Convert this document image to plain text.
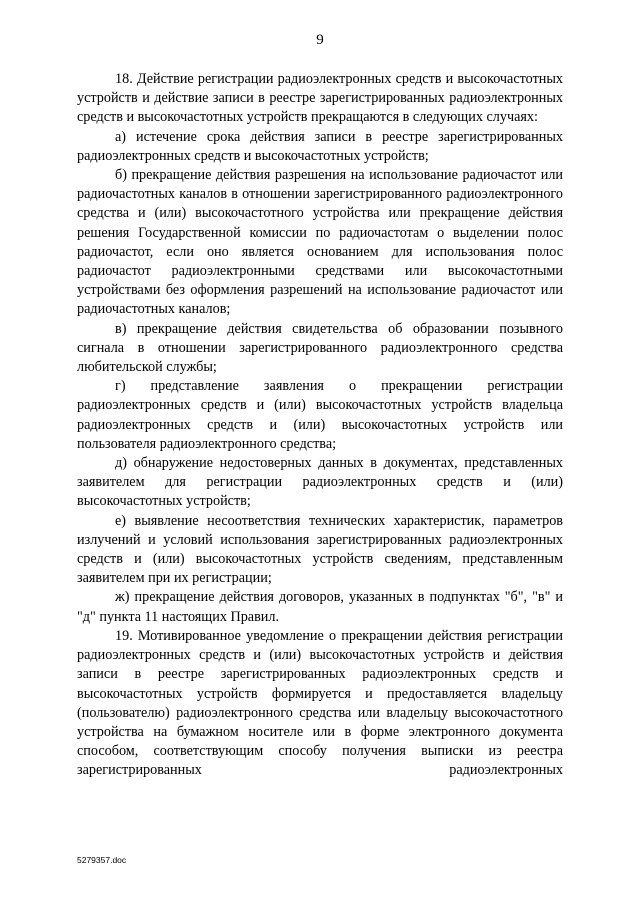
9

18. Действие регистрации радиоэлектронных средств и высокочастотных устройств и действие записи в реестре зарегистрированных радиоэлектронных средств и высокочастотных устройств прекращаются в следующих случаях:

а) истечение срока действия записи в реестре зарегистрированных радиоэлектронных средств и высокочастотных устройств;

б) прекращение действия разрешения на использование радиочастот или радиочастотных каналов в отношении зарегистрированного радиоэлектронного средства и (или) высокочастотного устройства или прекращение действия решения Государственной комиссии по радиочастотам о выделении полос радиочастот, если оно является основанием для использования полос радиочастот радиоэлектронными средствами или высокочастотными устройствами без оформления разрешений на использование радиочастот или радиочастотных каналов;

в) прекращение действия свидетельства об образовании позывного сигнала в отношении зарегистрированного радиоэлектронного средства любительской службы;

г) представление заявления о прекращении регистрации радиоэлектронных средств и (или) высокочастотных устройств владельца радиоэлектронных средств и (или) высокочастотных устройств или пользователя радиоэлектронного средства;

д) обнаружение недостоверных данных в документах, представленных заявителем для регистрации радиоэлектронных средств и (или) высокочастотных устройств;

е) выявление несоответствия технических характеристик, параметров излучений и условий использования зарегистрированных радиоэлектронных средств и (или) высокочастотных устройств сведениям, представленным заявителем при их регистрации;

ж) прекращение действия договоров, указанных в подпунктах "б", "в" и "д" пункта 11 настоящих Правил.

19. Мотивированное уведомление о прекращении действия регистрации радиоэлектронных средств и (или) высокочастотных устройств и действия записи в реестре зарегистрированных радиоэлектронных средств и высокочастотных устройств формируется и предоставляется владельцу (пользователю) радиоэлектронного средства или владельцу высокочастотного устройства на бумажном носителе или в форме электронного документа способом, соответствующим способу получения выписки из реестра зарегистрированных радиоэлектронных

5279357.doc
